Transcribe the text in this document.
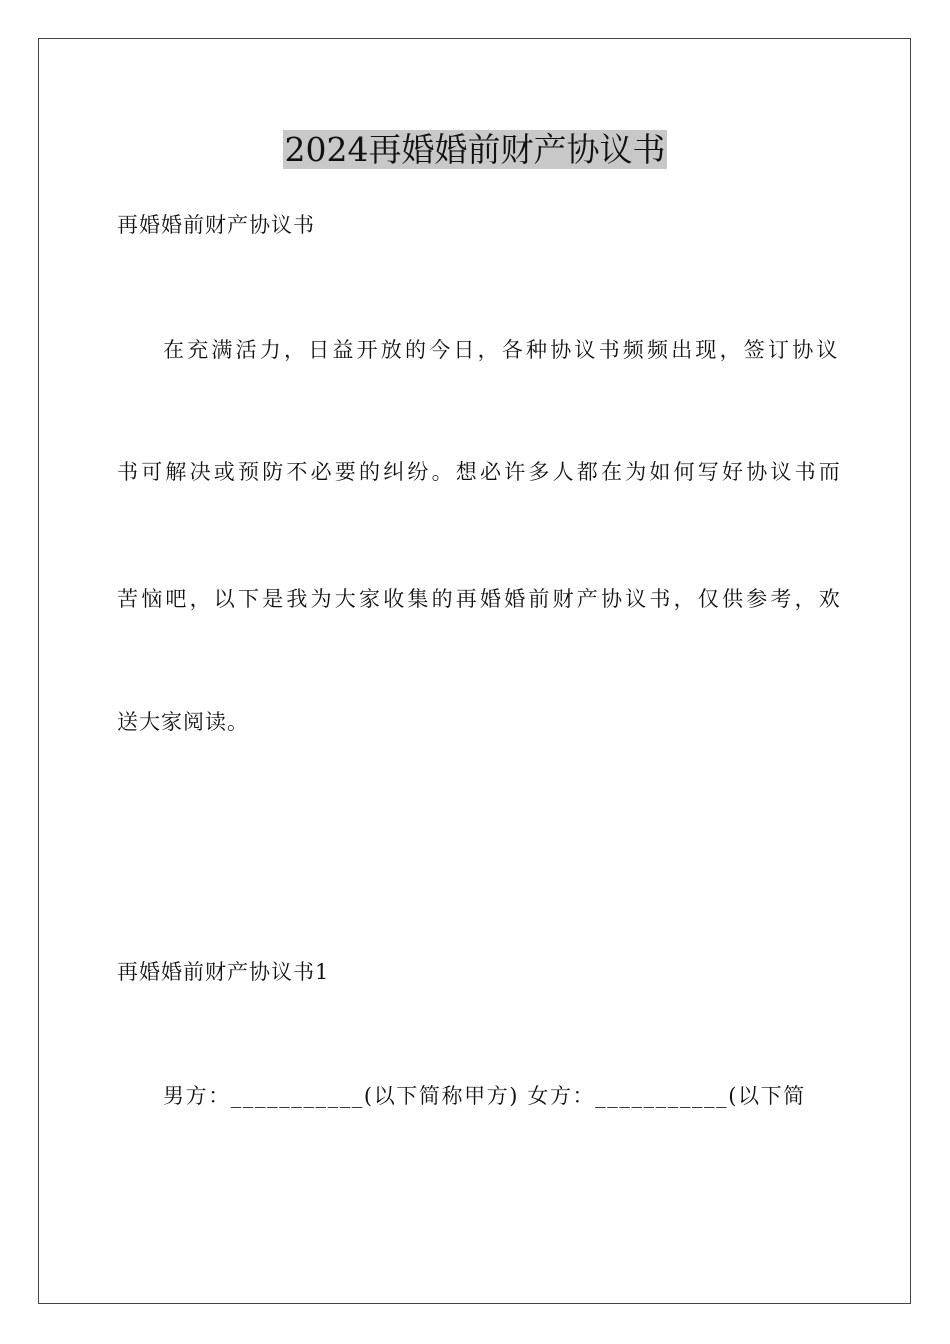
2024再婚婚前财产协议书
再婚婚前财产协议书
在充满活力，日益开放的今日，各种协议书频频出现，签订协议
书可解决或预防不必要的纠纷。想必许多人都在为如何写好协议书而
苦恼吧，以下是我为大家收集的再婚婚前财产协议书，仅供参考，欢
送大家阅读。
再婚婚前财产协议书1
男方：___________(以下简称甲方) 女方：___________(以下简
